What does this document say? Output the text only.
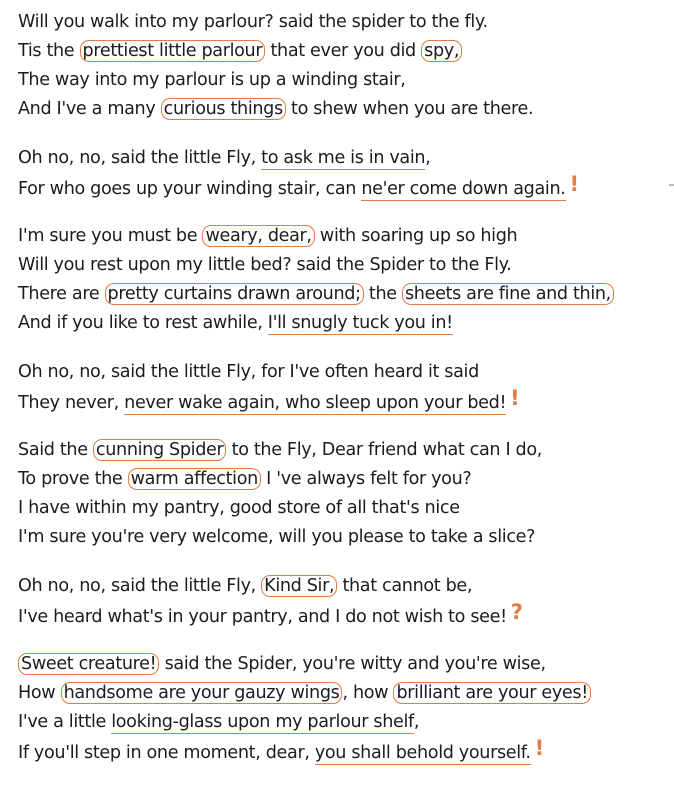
Will you walk into my parlour? said the spider to the fly.
Tis the prettiest little parlour that ever you did spy,
The way into my parlour is up a winding stair,
And I've a many curious things to shew when you are there.
Oh no, no, said the little Fly, to ask me is in vain,
For who goes up your winding stair, can ne'er come down again. !
I'm sure you must be weary, dear, with soaring up so high
Will you rest upon my little bed? said the Spider to the Fly.
There are pretty curtains drawn around; the sheets are fine and thin,
And if you like to rest awhile, I'll snugly tuck you in!
Oh no, no, said the little Fly, for I've often heard it said
They never, never wake again, who sleep upon your bed! !
Said the cunning Spider to the Fly, Dear friend what can I do,
To prove the warm affection I 've always felt for you?
I have within my pantry, good store of all that's nice
I'm sure you're very welcome, will you please to take a slice?
Oh no, no, said the little Fly, Kind Sir, that cannot be,
I've heard what's in your pantry, and I do not wish to see! ?
Sweet creature! said the Spider, you're witty and you're wise,
How handsome are your gauzy wings , how brilliant are your eyes!
I've a little looking-glass upon my parlour shelf,
If you'll step in one moment, dear, you shall behold yourself. !
